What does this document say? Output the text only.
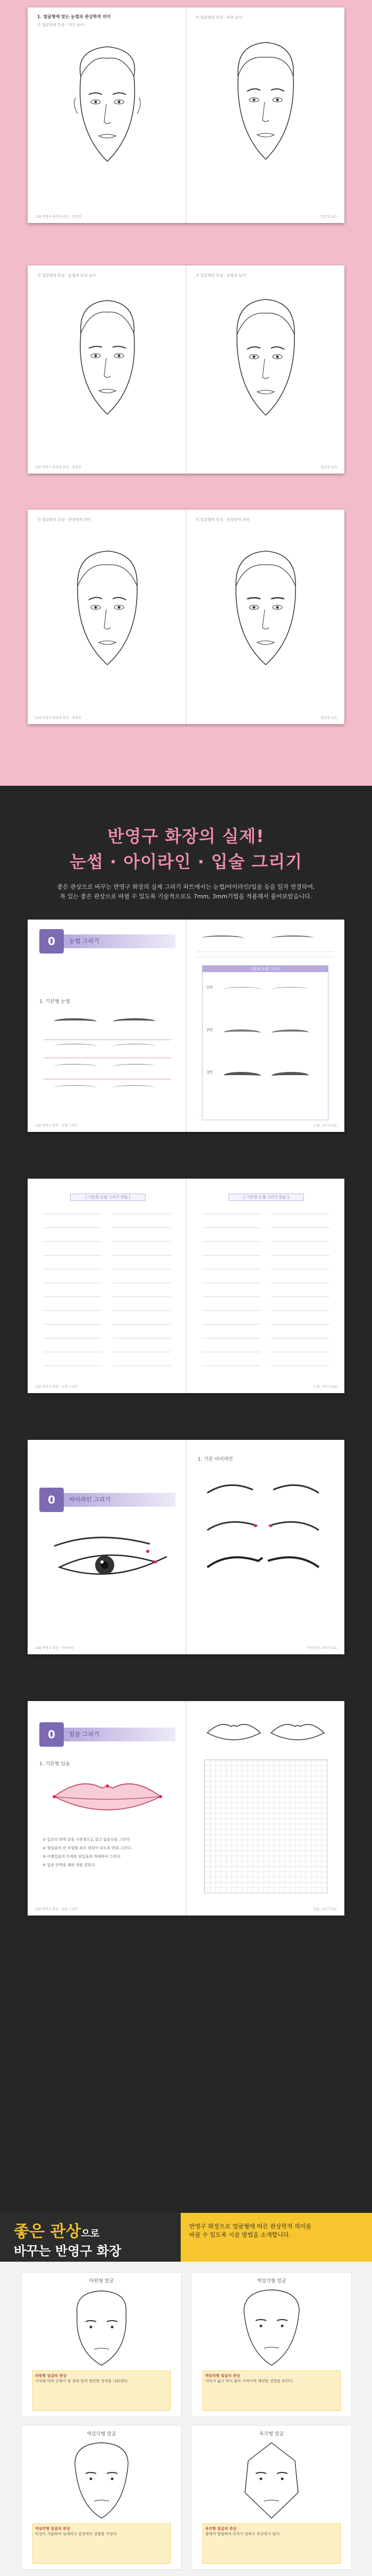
1. 얼굴형에 맞는 눈썹과 관상학적 의미
각 얼굴형의 특징 · 미간 높이 ·
120 반영구 화장과 관상 · 얼굴형
각 얼굴형의 특징 · 피부 높이 ·
얼굴형 121
각 얼굴형의 특징 · 눈썹과 눈의 높이
122 반영구 화장과 관상 · 얼굴형
각 얼굴형의 특징 · 눈썹과 높이
얼굴형 123
각 얼굴형의 특징 · 관상학적 의미
124 반영구 화장과 관상 · 얼굴형
각 얼굴형의 특징 · 관상학적 의미
얼굴형 125
반영구 화장의 실제!
눈썹 · 아이라인 · 입술 그리기
좋은 관상으로 바꾸는 반영구 화장의 실제 그리기 파트에서는 눈썹/아이라인/입술 등을 일자 연결하여,
복 있는 좋은 관상으로 바뀔 수 있도록 기술적으로도 7mm, 3mm기법을 적용해서 풀어보았습니다.
0	눈썹 그리기
1. 기본형 눈썹
130 반영구 화장 · 눈썹 그리기
기본형 눈썹 그리기
1번
2번
3번
눈썹 그리기 131
[ 기본형 눈썹 그리기 연습 ]
132 반영구 화장 · 눈썹 그리기
[ 기본형 눈썹 그리기 연습 ]
눈썹 그리기 133
0	아이라인 그리기
140 반영구 화장 · 아이라인
1. 기본 아이라인
아이라인 그리기 141
0	입술 그리기
1. 기본형 입술
① 입꼬리 양쪽 끝을 기준점으로 잡고 입술선을 그린다.
② 윗입술의 산 모양을 좌우 대칭이 되도록 맞춰 그린다.
③ 아랫입술의 두께를 윗입술과 비례하여 그린다.
④ 입술 안쪽을 채워 색을 입힌다.
150 반영구 화장 · 입술 그리기	입술 그리기 151
좋은 관상으로
바꾸는 반영구 화장
반영구 화장으로 얼굴형에 따른 관상학적 의미를
바꿀 수 있도록 시술 방법을 소개합니다.
타원형 얼굴
타원형 얼굴의 관상
이마와 턱의 균형이 잘 잡혀 있어 원만한 성격을 나타낸다.
역삼각형 얼굴
역삼각형 얼굴의 관상
이마가 넓고 턱이 좁아 지적이며 예민한 성향을 보인다.
역삼각형 얼굴
역삼각형 얼굴의 관상
턱선이 갸름하여 섬세하고 감성적인 성향을 가진다.
육각형 얼굴
육각형 얼굴의 관상
광대가 발달하여 의지가 강하고 추진력이 있다.
